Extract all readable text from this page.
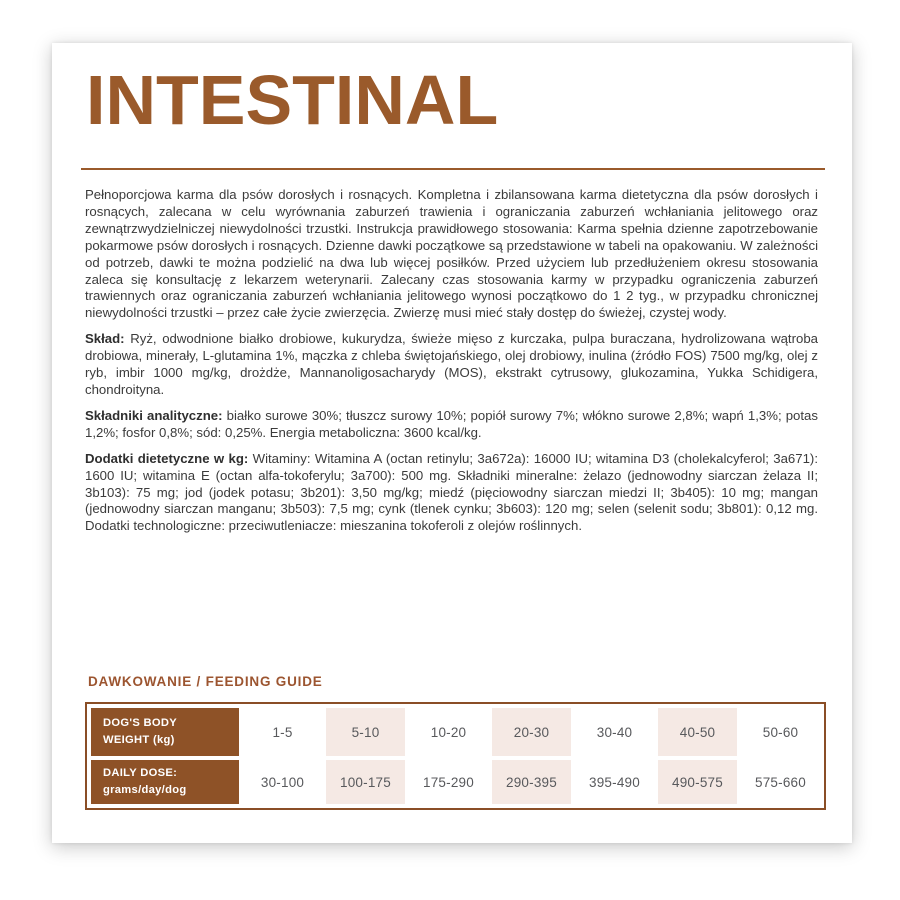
INTESTINAL

Pełnoporcjowa karma dla psów dorosłych i rosnących. Kompletna i zbilansowana karma dietetyczna dla psów dorosłych i rosnących, zalecana w celu wyrównania zaburzeń trawienia i ograniczania zaburzeń wchłaniania jelitowego oraz zewnątrzwydzielniczej niewydolności trzustki. Instrukcja prawidłowego stosowania: Karma spełnia dzienne zapotrzebowanie pokarmowe psów dorosłych i rosnących. Dzienne dawki początkowe są przedstawione w tabeli na opakowaniu. W zależności od potrzeb, dawki te można podzielić na dwa lub więcej posiłków. Przed użyciem lub przedłużeniem okresu stosowania zaleca się konsultację z lekarzem weterynarii. Zalecany czas stosowania karmy w przypadku ograniczenia zaburzeń trawiennych oraz ograniczania zaburzeń wchłaniania jelitowego wynosi początkowo do 1 2 tyg., w przypadku chronicznej niewydolności trzustki – przez całe życie zwierzęcia. Zwierzę musi mieć stały dostęp do świeżej, czystej wody.

Skład: Ryż, odwodnione białko drobiowe, kukurydza, świeże mięso z kurczaka, pulpa buraczana, hydrolizowana wątroba drobiowa, minerały, L-glutamina 1%, mączka z chleba świętojańskiego, olej drobiowy, inulina (źródło FOS) 7500 mg/kg, olej z ryb, imbir 1000 mg/kg, drożdże, Mannanoligosacharydy (MOS), ekstrakt cytrusowy, glukozamina, Yukka Schidigera, chondroityna.

Składniki analityczne: białko surowe 30%; tłuszcz surowy 10%; popiół surowy 7%; włókno surowe 2,8%; wapń 1,3%; potas 1,2%; fosfor 0,8%; sód: 0,25%. Energia metaboliczna: 3600 kcal/kg.

Dodatki dietetyczne w kg: Witaminy: Witamina A (octan retinylu; 3a672a): 16000 IU; witamina D3 (cholekalcyferol; 3a671): 1600 IU; witamina E (octan alfa-tokoferylu; 3a700): 500 mg. Składniki mineralne: żelazo (jednowodny siarczan żelaza II; 3b103): 75 mg; jod (jodek potasu; 3b201): 3,50 mg/kg; miedź (pięciowodny siarczan miedzi II; 3b405): 10 mg; mangan (jednowodny siarczan manganu; 3b503): 7,5 mg; cynk (tlenek cynku; 3b603): 120 mg; selen (selenit sodu; 3b801): 0,12 mg. Dodatki technologiczne: przeciwutleniacze: mieszanina tokoferoli z olejów roślinnych.

DAWKOWANIE / FEEDING GUIDE
DOG'S BODY
WEIGHT (kg)	1-5	5-10	10-20	20-30	30-40	40-50	50-60
DAILY DOSE:
grams/day/dog	30-100	100-175	175-290	290-395	395-490	490-575	575-660
